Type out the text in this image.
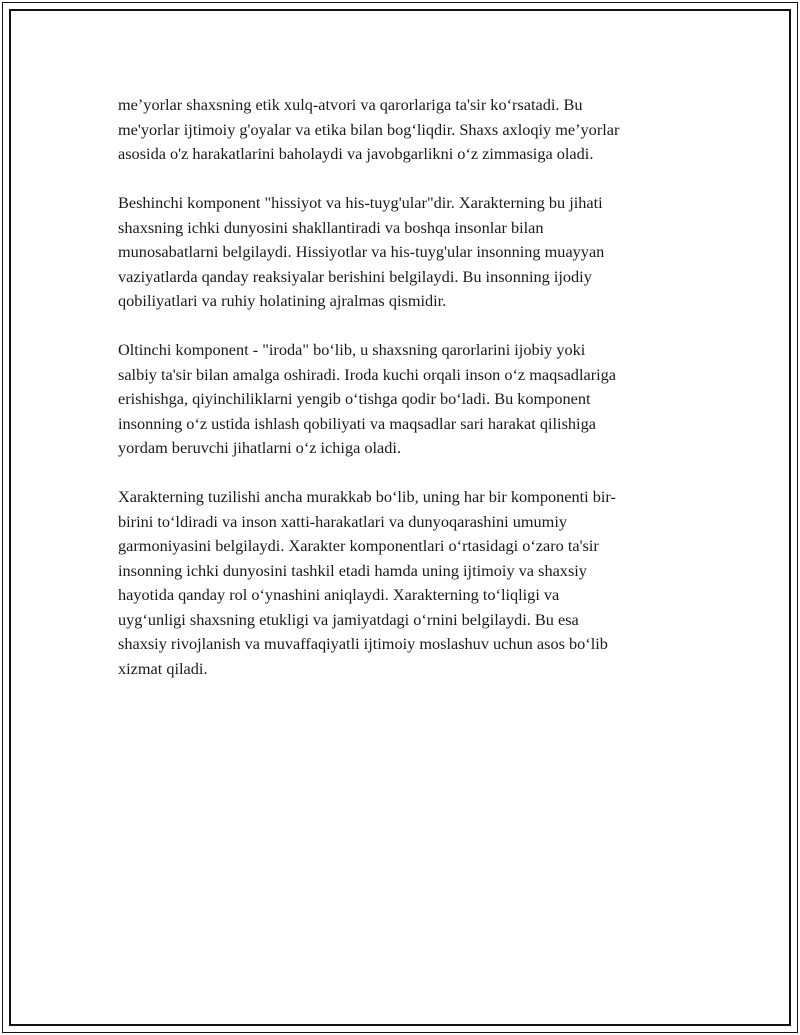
me’yorlar shaxsning etik xulq-atvori va qarorlariga ta'sir ko‘rsatadi. Bu
me'yorlar ijtimoiy g'oyalar va etika bilan bog‘liqdir. Shaxs axloqiy me’yorlar
asosida o'z harakatlarini baholaydi va javobgarlikni o‘z zimmasiga oladi.

Beshinchi komponent "hissiyot va his-tuyg'ular"dir. Xarakterning bu jihati
shaxsning ichki dunyosini shakllantiradi va boshqa insonlar bilan
munosabatlarni belgilaydi. Hissiyotlar va his-tuyg'ular insonning muayyan
vaziyatlarda qanday reaksiyalar berishini belgilaydi. Bu insonning ijodiy
qobiliyatlari va ruhiy holatining ajralmas qismidir.

Oltinchi komponent - "iroda" bo‘lib, u shaxsning qarorlarini ijobiy yoki
salbiy ta'sir bilan amalga oshiradi. Iroda kuchi orqali inson o‘z maqsadlariga
erishishga, qiyinchiliklarni yengib o‘tishga qodir bo‘ladi. Bu komponent
insonning o‘z ustida ishlash qobiliyati va maqsadlar sari harakat qilishiga
yordam beruvchi jihatlarni o‘z ichiga oladi.

Xarakterning tuzilishi ancha murakkab bo‘lib, uning har bir komponenti bir-
birini to‘ldiradi va inson xatti-harakatlari va dunyoqarashini umumiy
garmoniyasini belgilaydi. Xarakter komponentlari o‘rtasidagi o‘zaro ta'sir
insonning ichki dunyosini tashkil etadi hamda uning ijtimoiy va shaxsiy
hayotida qanday rol o‘ynashini aniqlaydi. Xarakterning to‘liqligi va
uyg‘unligi shaxsning etukligi va jamiyatdagi o‘rnini belgilaydi. Bu esa
shaxsiy rivojlanish va muvaffaqiyatli ijtimoiy moslashuv uchun asos bo‘lib
xizmat qiladi.
